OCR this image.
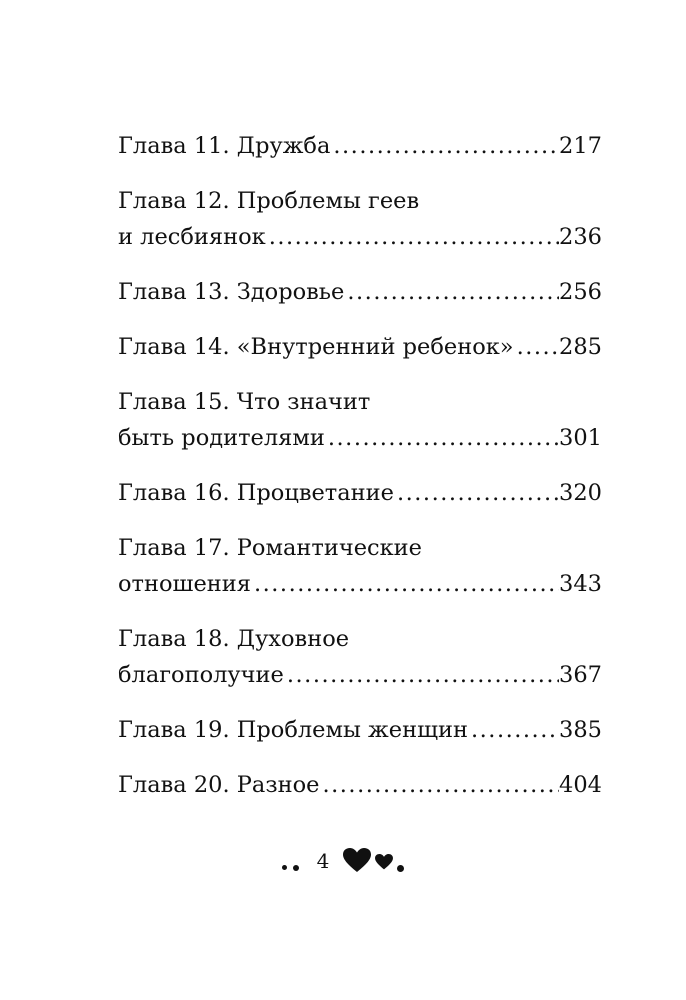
Глава 11. Дружба .....	217
Глава 12. Проблемы геев
и лесбиянок .....	236
Глава 13. Здоровье .....	256
Глава 14. «Внутренний ребенок» ..... 285
Глава 15. Что значит
быть родителями .....	301
Глава 16. Процветание .....	320
Глава 17. Романтические
отношения .....	343
Глава 18. Духовное
благополучие .....	367
Глава 19. Проблемы женщин .....	385
Глава 20. Разное .....	404
4
